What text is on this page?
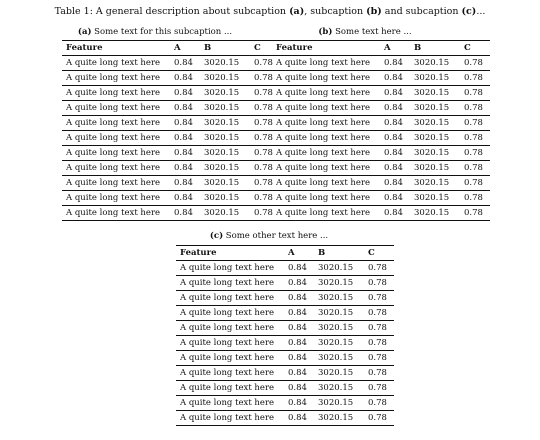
Table 1: A general description about subcaption (a), subcaption (b) and subcaption (c)...
(a) Some text for this subcaption ...
Feature	A	B	C
A quite long text here	0.84	3020.15	0.78
A quite long text here	0.84	3020.15	0.78
A quite long text here	0.84	3020.15	0.78
A quite long text here	0.84	3020.15	0.78
A quite long text here	0.84	3020.15	0.78
A quite long text here	0.84	3020.15	0.78
A quite long text here	0.84	3020.15	0.78
A quite long text here	0.84	3020.15	0.78
A quite long text here	0.84	3020.15	0.78
A quite long text here	0.84	3020.15	0.78
A quite long text here	0.84	3020.15	0.78
(b) Some text here ...
Feature	A	B	C
A quite long text here	0.84	3020.15	0.78
A quite long text here	0.84	3020.15	0.78
A quite long text here	0.84	3020.15	0.78
A quite long text here	0.84	3020.15	0.78
A quite long text here	0.84	3020.15	0.78
A quite long text here	0.84	3020.15	0.78
A quite long text here	0.84	3020.15	0.78
A quite long text here	0.84	3020.15	0.78
A quite long text here	0.84	3020.15	0.78
A quite long text here	0.84	3020.15	0.78
A quite long text here	0.84	3020.15	0.78
(c) Some other text here ...
Feature	A	B	C
A quite long text here	0.84	3020.15	0.78
A quite long text here	0.84	3020.15	0.78
A quite long text here	0.84	3020.15	0.78
A quite long text here	0.84	3020.15	0.78
A quite long text here	0.84	3020.15	0.78
A quite long text here	0.84	3020.15	0.78
A quite long text here	0.84	3020.15	0.78
A quite long text here	0.84	3020.15	0.78
A quite long text here	0.84	3020.15	0.78
A quite long text here	0.84	3020.15	0.78
A quite long text here	0.84	3020.15	0.78
